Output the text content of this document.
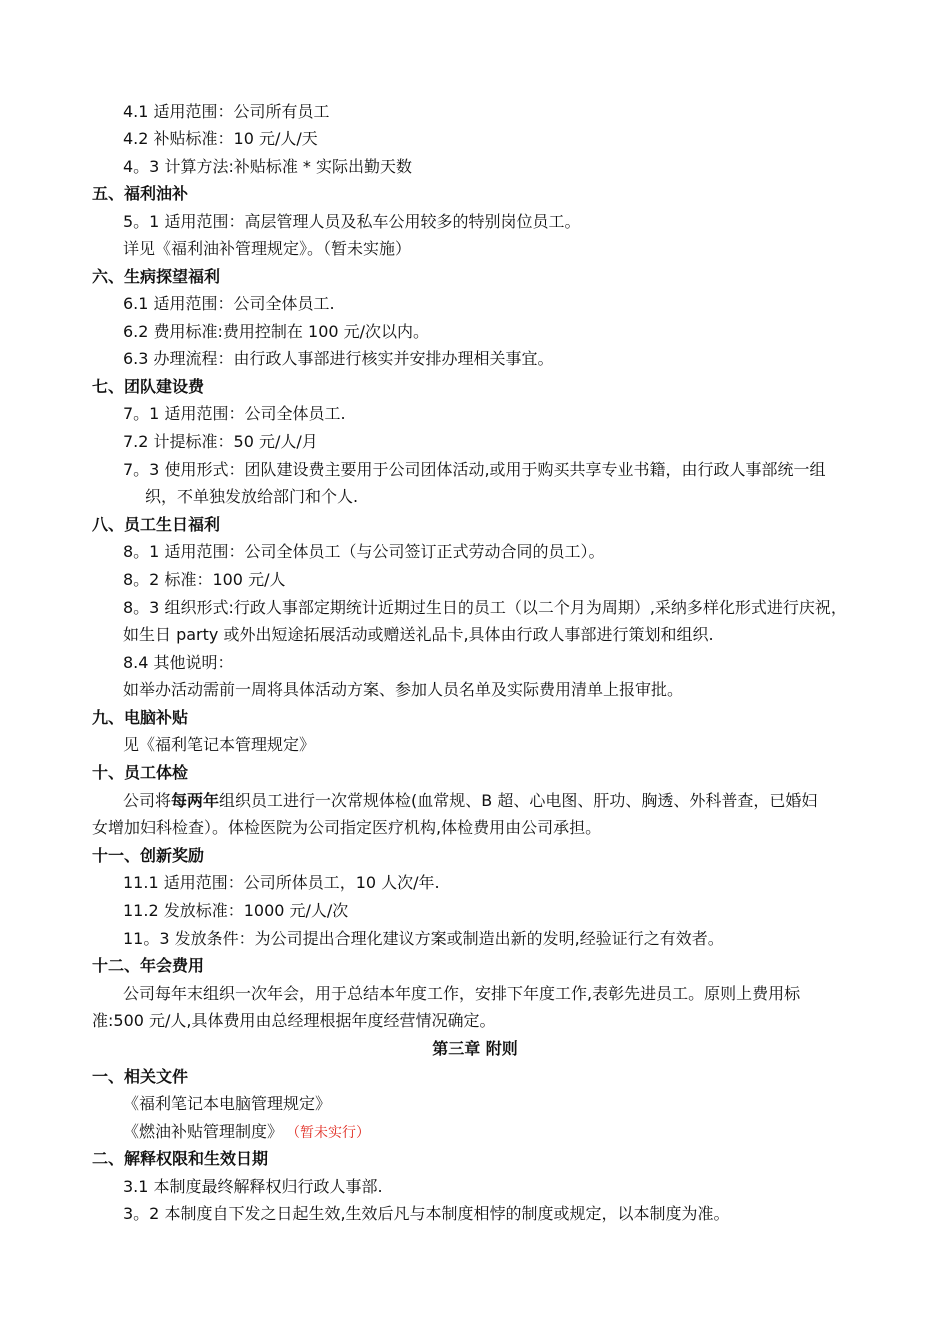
4.1 适用范围：公司所有员工
4.2 补贴标准：10 元/人/天
4。3 计算方法:补贴标准 * 实际出勤天数
五、福利油补
5。1 适用范围：高层管理人员及私车公用较多的特别岗位员工。
详见《福利油补管理规定》。（暂未实施）
六、生病探望福利
6.1 适用范围：公司全体员工.
6.2 费用标准:费用控制在 100 元/次以内。
6.3 办理流程：由行政人事部进行核实并安排办理相关事宜。
七、团队建设费
7。1 适用范围：公司全体员工.
7.2 计提标准：50 元/人/月
7。3 使用形式：团队建设费主要用于公司团体活动,或用于购买共享专业书籍，由行政人事部统一组
织，不单独发放给部门和个人.
八、员工生日福利
8。1 适用范围：公司全体员工（与公司签订正式劳动合同的员工）。
8。2 标准：100 元/人
8。3 组织形式:行政人事部定期统计近期过生日的员工（以二个月为周期）,采纳多样化形式进行庆祝，
如生日 party 或外出短途拓展活动或赠送礼品卡,具体由行政人事部进行策划和组织.
8.4 其他说明：
如举办活动需前一周将具体活动方案、参加人员名单及实际费用清单上报审批。
九、电脑补贴
见《福利笔记本管理规定》
十、员工体检
公司将每两年组织员工进行一次常规体检(血常规、B 超、心电图、肝功、胸透、外科普查，已婚妇
女增加妇科检查）。体检医院为公司指定医疗机构,体检费用由公司承担。
十一、创新奖励
11.1 适用范围：公司所体员工，10 人次/年.
11.2 发放标准：1000 元/人/次
11。3 发放条件：为公司提出合理化建议方案或制造出新的发明,经验证行之有效者。
十二、年会费用
公司每年末组织一次年会，用于总结本年度工作，安排下年度工作,表彰先进员工。原则上费用标
准:500 元/人,具体费用由总经理根据年度经营情况确定。
第三章 附则
一、相关文件
《福利笔记本电脑管理规定》
《燃油补贴管理制度》 （暂未实行）
二、解释权限和生效日期
3.1 本制度最终解释权归行政人事部.
3。2 本制度自下发之日起生效,生效后凡与本制度相悖的制度或规定，以本制度为准。
